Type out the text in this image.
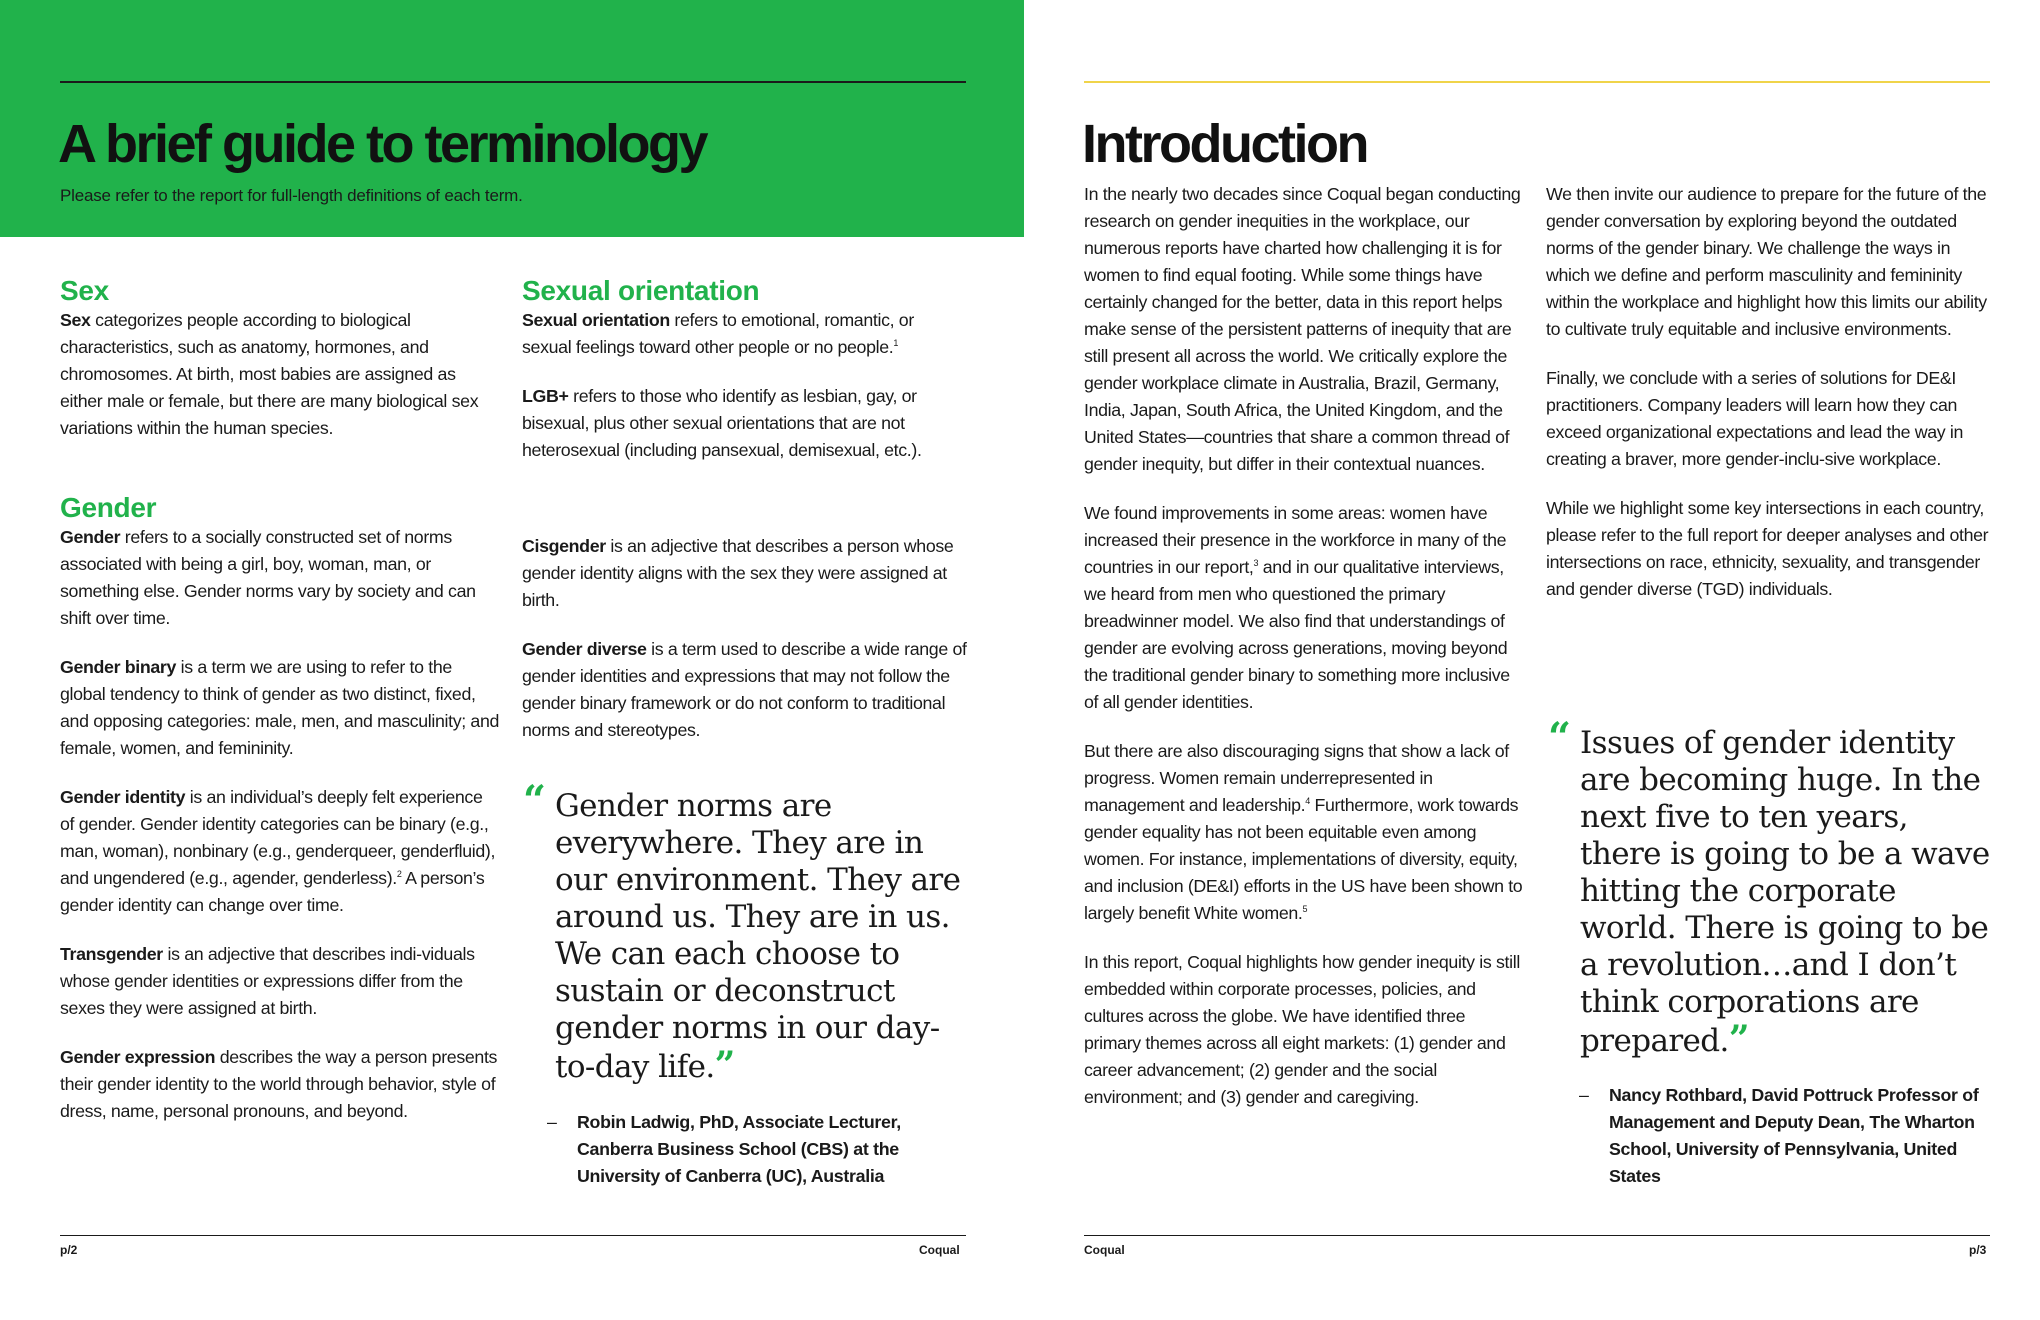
A brief guide to terminology
Please refer to the report for full-length definitions of each term.
Sex

Sex categorizes people according to biological characteristics, such as anatomy, hormones, and chromosomes. At birth, most babies are assigned as either male or female, but there are many biological sex variations within the human species.

Gender

Gender refers to a socially constructed set of norms associated with being a girl, boy, woman, man, or something else. Gender norms vary by society and can shift over time.

Gender binary is a term we are using to refer to the global tendency to think of gender as two distinct, fixed, and opposing categories: male, men, and masculinity; and female, women, and femininity.

Gender identity is an individual’s deeply felt experience of gender. Gender identity categories can be binary (e.g., man, woman), nonbinary (e.g., genderqueer, genderfluid), and ungendered (e.g., agender, genderless).$^2$ A person’s gender identity can change over time.

Transgender is an adjective that describes indi-viduals whose gender identities or expressions differ from the sexes they were assigned at birth.

Gender expression describes the way a person presents their gender identity to the world through behavior, style of dress, name, personal pronouns, and beyond.

Sexual orientation

Sexual orientation refers to emotional, romantic, or sexual feelings toward other people or no people.$^1$

LGB+ refers to those who identify as lesbian, gay, or bisexual, plus other sexual orientations that are not heterosexual (including pansexual, demisexual, etc.).

Cisgender is an adjective that describes a person whose gender identity aligns with the sex they were assigned at birth.

Gender diverse is a term used to describe a wide range of gender identities and expressions that may not follow the gender binary framework or do not conform to traditional norms and stereotypes.

“ Gender norms are everywhere. They are in our environment. They are around us. They are in us. We can each choose to sustain or deconstruct gender norms in our day-to-day life.”
– Robin Ladwig, PhD, Associate Lecturer, Canberra Business School (CBS) at the University of Canberra (UC), Australia
p/2	Coqual
Introduction

In the nearly two decades since Coqual began conducting research on gender inequities in the workplace, our numerous reports have charted how challenging it is for women to find equal footing. While some things have certainly changed for the better, data in this report helps make sense of the persistent patterns of inequity that are still present all across the world. We critically explore the gender workplace climate in Australia, Brazil, Germany, India, Japan, South Africa, the United Kingdom, and the United States—countries that share a common thread of gender inequity, but differ in their contextual nuances.

We found improvements in some areas: women have increased their presence in the workforce in many of the countries in our report,$^3$ and in our qualitative interviews, we heard from men who questioned the primary breadwinner model. We also find that understandings of gender are evolving across generations, moving beyond the traditional gender binary to something more inclusive of all gender identities.

But there are also discouraging signs that show a lack of progress. Women remain underrepresented in management and leadership.$^4$ Furthermore, work towards gender equality has not been equitable even among women. For instance, implementations of diversity, equity, and inclusion (DE&I) efforts in the US have been shown to largely benefit White women.$^5$

In this report, Coqual highlights how gender inequity is still embedded within corporate processes, policies, and cultures across the globe. We have identified three primary themes across all eight markets: (1) gender and career advancement; (2) gender and the social environment; and (3) gender and caregiving.

We then invite our audience to prepare for the future of the gender conversation by exploring beyond the outdated norms of the gender binary. We challenge the ways in which we define and perform masculinity and femininity within the workplace and highlight how this limits our ability to cultivate truly equitable and inclusive environments.

Finally, we conclude with a series of solutions for DE&I practitioners. Company leaders will learn how they can exceed organizational expectations and lead the way in creating a braver, more gender-inclu-sive workplace.

While we highlight some key intersections in each country, please refer to the full report for deeper analyses and other intersections on race, ethnicity, sexuality, and transgender and gender diverse (TGD) individuals.

“ Issues of gender identity are becoming huge. In the next five to ten years, there is going to be a wave hitting the corporate world. There is going to be a revolution…and I don’t think corporations are prepared.”
– Nancy Rothbard, David Pottruck Professor of Management and Deputy Dean, The Wharton School, University of Pennsylvania, United States
Coqual	p/3
